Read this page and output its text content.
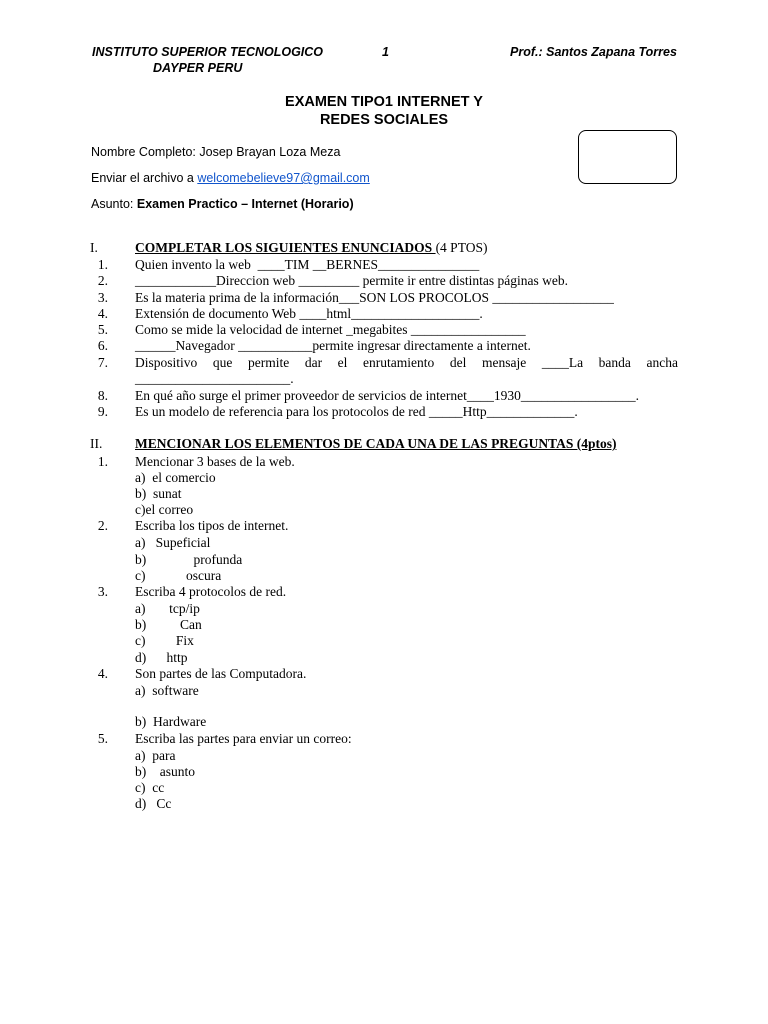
INSTITUTO SUPERIOR TECNOLOGICO
DAYPER PERU
1	Prof.: Santos Zapana Torres
EXAMEN TIPO1 INTERNET Y
REDES SOCIALES
Nombre Completo: Josep Brayan Loza Meza
Enviar el archivo a welcomebelieve97@gmail.com
Asunto: Examen Practico – Internet (Horario)
I.	COMPLETAR LOS SIGUIENTES ENUNCIADOS (4 PTOS)
1. Quien invento la web  ____TIM __BERNES_______________
2. ____________Direccion web _________ permite ir entre distintas páginas web.
3. Es la materia prima de la información___SON LOS PROCOLOS __________________
4. Extensión de documento Web ____html___________________.
5. Como se mide la velocidad de internet _megabites _________________
6. ______Navegador ___________permite ingresar directamente a internet.
7. Dispositivo que permite dar el enrutamiento del mensaje ____La banda ancha
_______________________.
8. En qué año surge el primer proveedor de servicios de internet____1930_________________.
9. Es un modelo de referencia para los protocolos de red _____Http_____________.
II. MENCIONAR LOS ELEMENTOS DE CADA UNA DE LAS PREGUNTAS (4ptos)
1. Mencionar 3 bases de la web.
a)  el comercio
b)  sunat
c)el correo
2. Escriba los tipos de internet.
a)   Supeficial
b)              profunda
c)            oscura
3. Escriba 4 protocolos de red.
a)       tcp/ip
b)          Can
c)         Fix
d)      http
4. Son partes de las Computadora.
a)  software
b)  Hardware
5. Escriba las partes para enviar un correo:
a)  para
b)    asunto
c)  cc
d)   Cc
